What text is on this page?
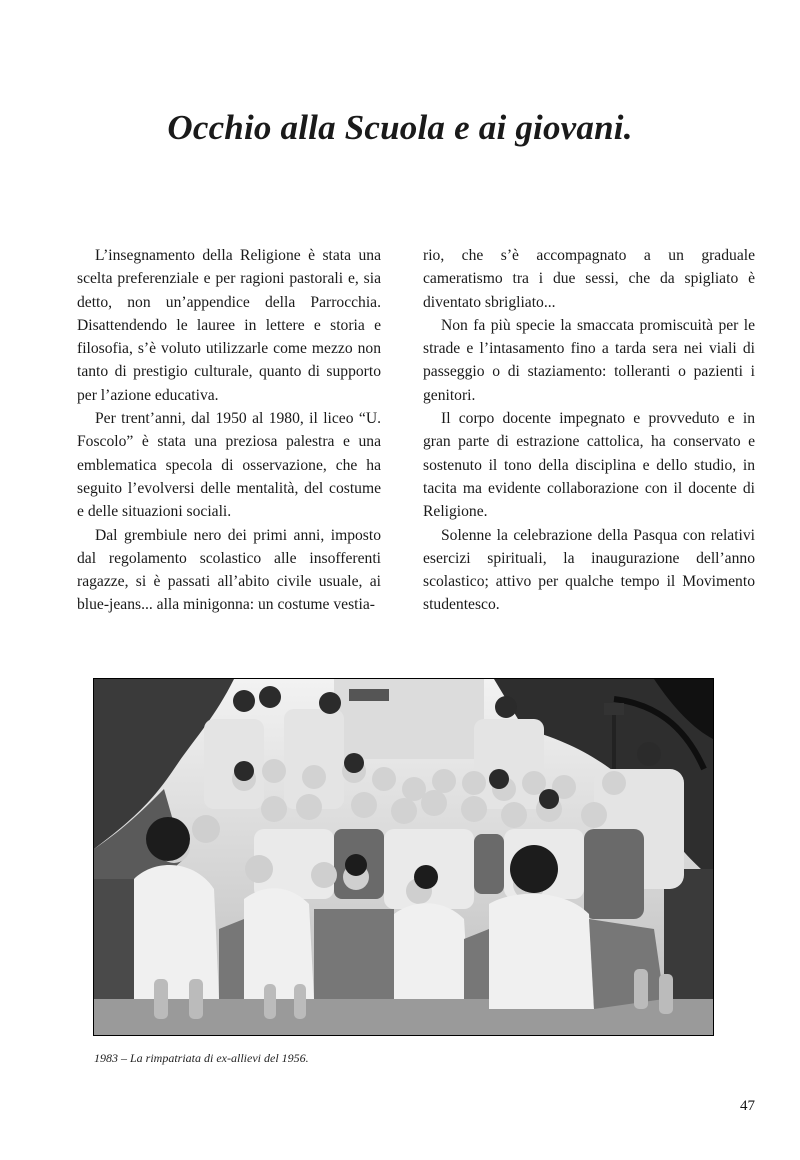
Occhio alla Scuola e ai giovani.

L’insegnamento della Religione è stata una scelta preferenziale e per ragioni pastorali e, sia detto, non un’appendice della Parrocchia. Disattendendo le lauree in lettere e storia e filosofia, s’è voluto utilizzarle come mezzo non tanto di prestigio culturale, quanto di supporto per l’azione educativa.

Per trent’anni, dal 1950 al 1980, il liceo “U. Foscolo” è stata una preziosa palestra e una emblematica specola di osservazione, che ha seguito l’evolversi delle mentalità, del costume e delle situazioni sociali.

Dal grembiule nero dei primi anni, imposto dal regolamento scolastico alle insofferenti ragazze, si è passati all’abito civile usuale, ai blue-jeans... alla minigonna: un costume vestia-

rio, che s’è accompagnato a un graduale cameratismo tra i due sessi, che da spigliato è diventato sbrigliato...

Non fa più specie la smaccata promiscuità per le strade e l’intasamento fino a tarda sera nei viali di passeggio o di staziamento: tolleranti o pazienti i genitori.

Il corpo docente impegnato e provveduto e in gran parte di estrazione cattolica, ha conservato e sostenuto il tono della disciplina e dello studio, in tacita ma evidente collaborazione con il docente di Religione.

Solenne la celebrazione della Pasqua con relativi esercizi spirituali, la inaugurazione dell’anno scolastico; attivo per qualche tempo il Movimento studentesco.

1983 – La rimpatriata di ex-allievi del 1956.
47
